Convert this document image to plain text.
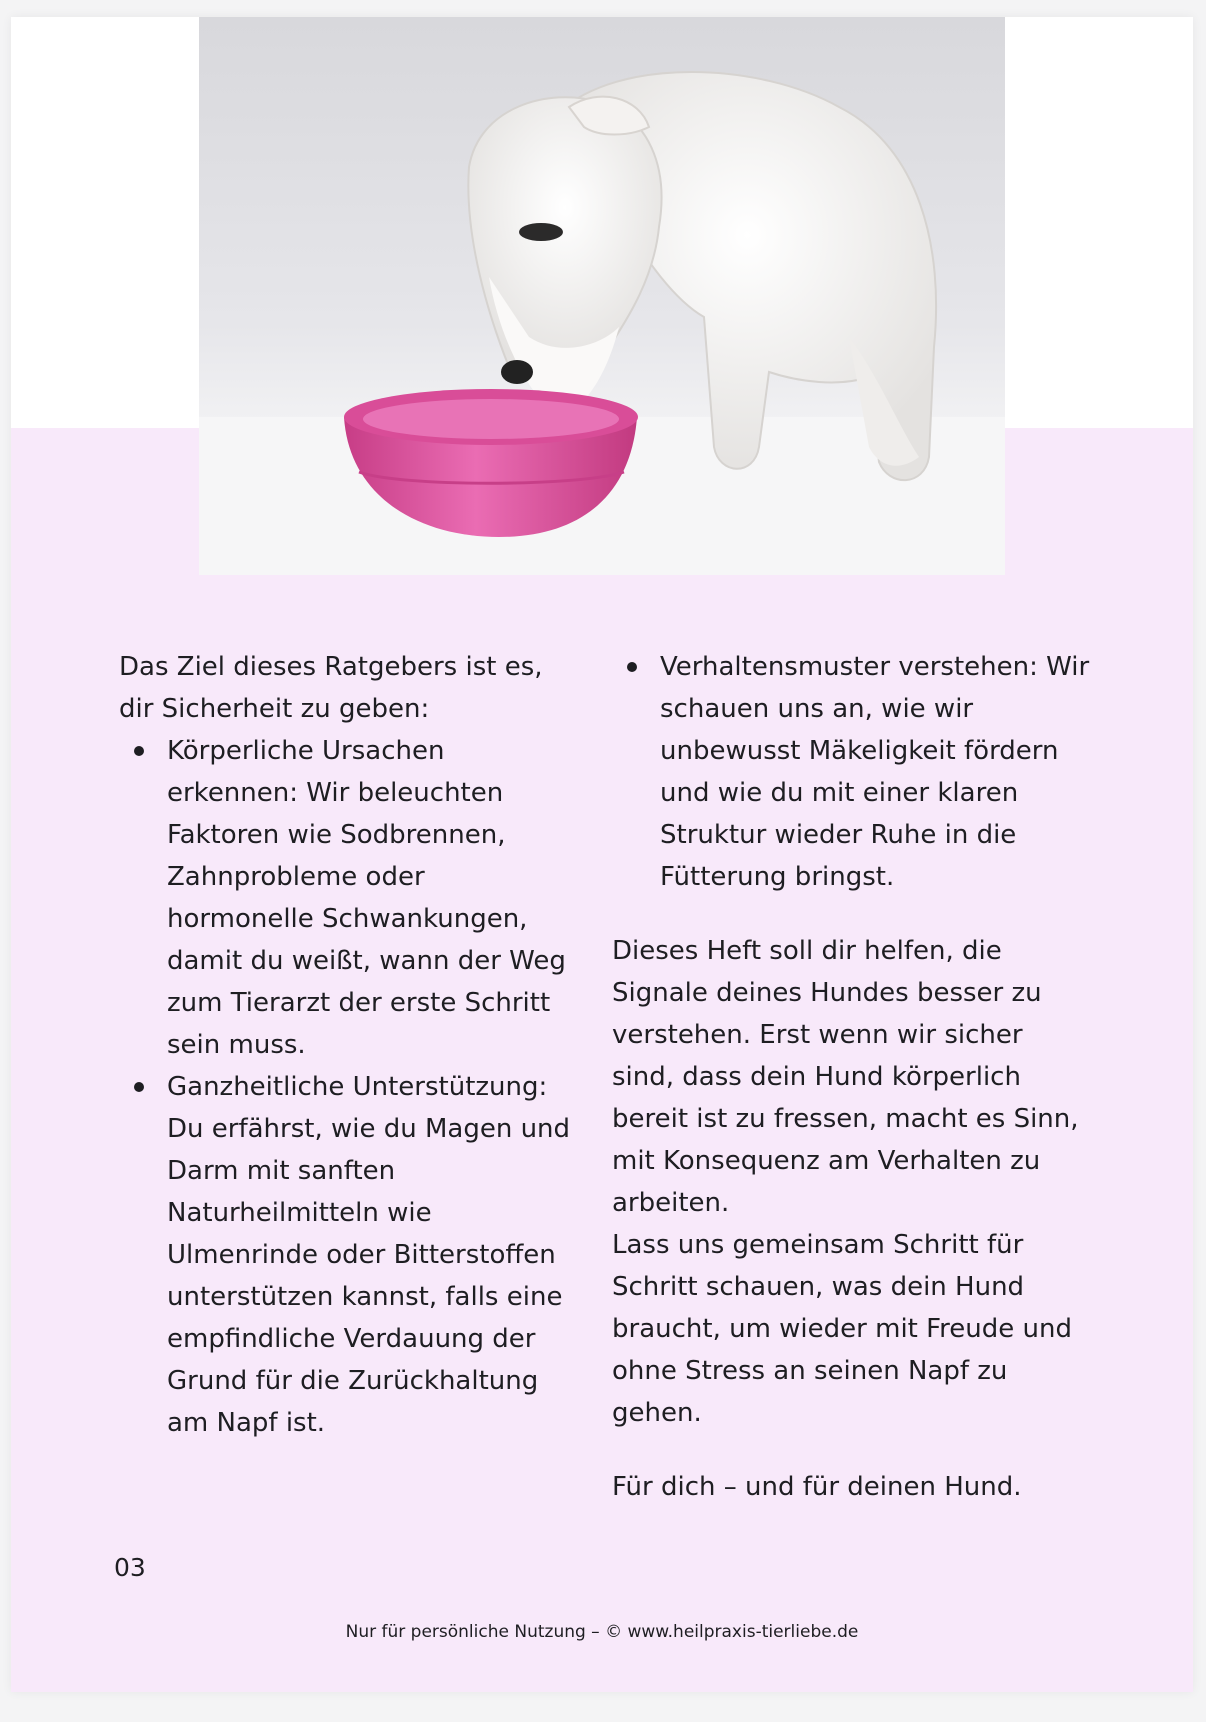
Das Ziel dieses Ratgebers ist es, dir Sicherheit zu geben:

Körperliche Ursachen erkennen: Wir beleuchten Faktoren wie Sodbrennen, Zahnprobleme oder hormonelle Schwankungen, damit du weißt, wann der Weg zum Tierarzt der erste Schritt sein muss.
Ganzheitliche Unterstützung: Du erfährst, wie du Magen und Darm mit sanften Naturheilmitteln wie Ulmenrinde oder Bitterstoffen unterstützen kannst, falls eine empfindliche Verdauung der Grund für die Zurückhaltung am Napf ist.
Verhaltensmuster verstehen: Wir schauen uns an, wie wir unbewusst Mäkeligkeit fördern und wie du mit einer klaren Struktur wieder Ruhe in die Fütterung bringst.

Dieses Heft soll dir helfen, die Signale deines Hundes besser zu verstehen. Erst wenn wir sicher sind, dass dein Hund körperlich bereit ist zu fressen, macht es Sinn, mit Konsequenz am Verhalten zu arbeiten.

Lass uns gemeinsam Schritt für Schritt schauen, was dein Hund braucht, um wieder mit Freude und ohne Stress an seinen Napf zu gehen.

Für dich – und für deinen Hund.

03
Nur für persönliche Nutzung – © www.heilpraxis-tierliebe.de
